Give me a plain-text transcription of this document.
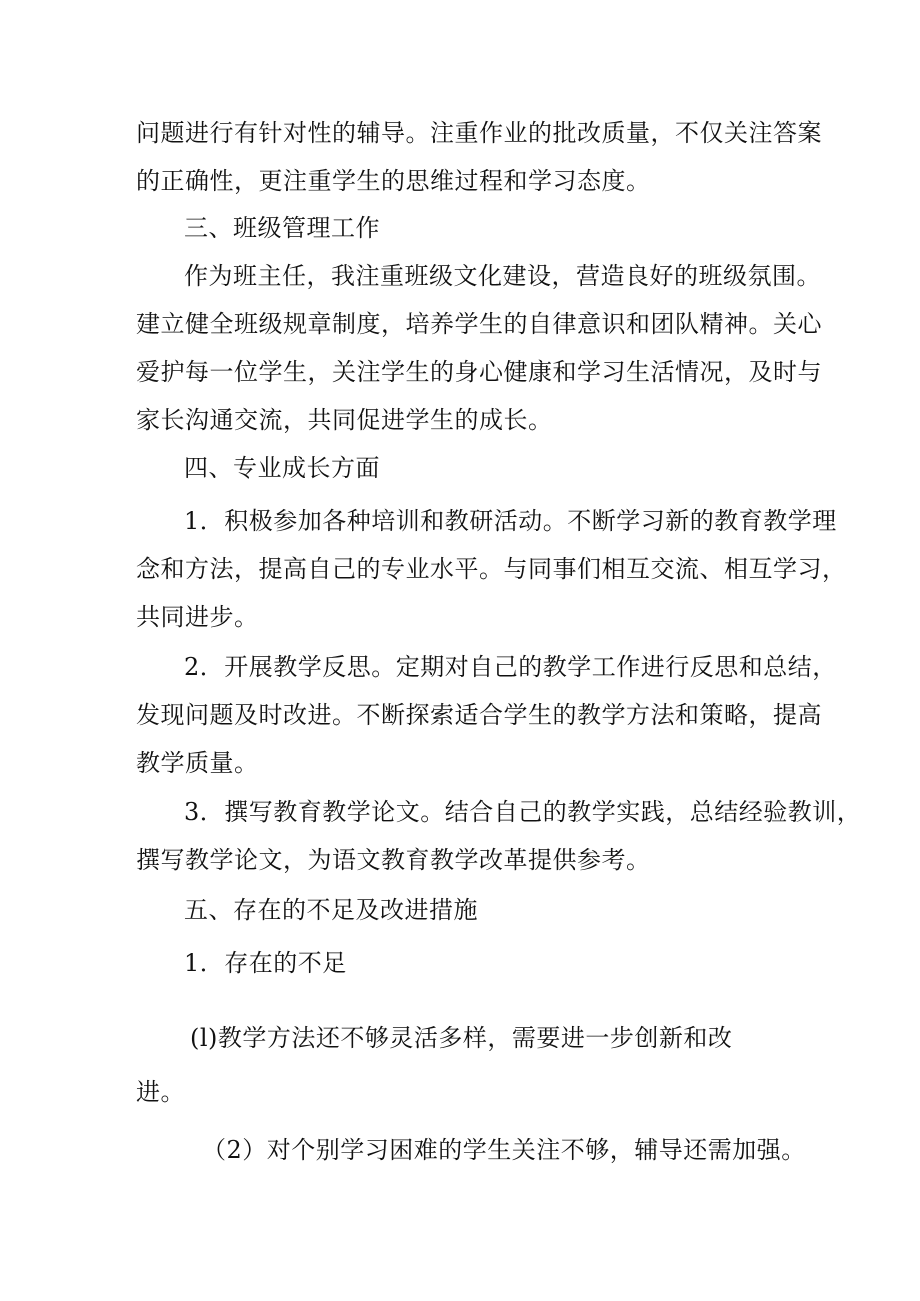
问题进行有针对性的辅导。注重作业的批改质量，不仅关注答案
的正确性，更注重学生的思维过程和学习态度。
三、班级管理工作
作为班主任，我注重班级文化建设，营造良好的班级氛围。
建立健全班级规章制度，培养学生的自律意识和团队精神。关心
爱护每一位学生，关注学生的身心健康和学习生活情况，及时与
家长沟通交流，共同促进学生的成长。
四、专业成长方面
1．积极参加各种培训和教研活动。不断学习新的教育教学理
念和方法，提高自己的专业水平。与同事们相互交流、相互学习，
共同进步。
2．开展教学反思。定期对自己的教学工作进行反思和总结，
发现问题及时改进。不断探索适合学生的教学方法和策略，提高
教学质量。
3．撰写教育教学论文。结合自己的教学实践，总结经验教训，
撰写教学论文，为语文教育教学改革提供参考。
五、存在的不足及改进措施
1．存在的不足
(l)教学方法还不够灵活多样，需要进一步创新和改
进。
（2）对个别学习困难的学生关注不够，辅导还需加强。
